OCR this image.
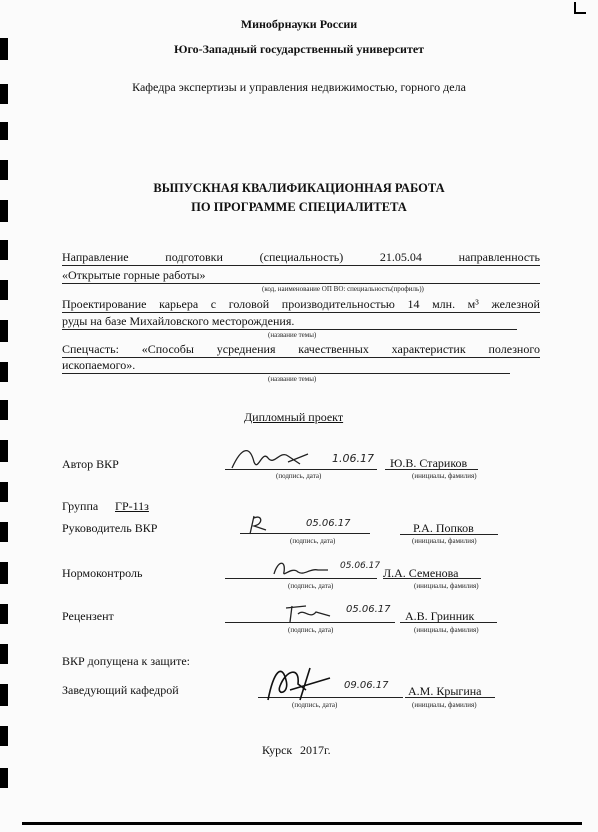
Минобрнауки России
Юго-Западный государственный университет
Кафедра экспертизы и управления недвижимостью, горного дела
ВЫПУСКНАЯ КВАЛИФИКАЦИОННАЯ РАБОТА
ПО ПРОГРАММЕ СПЕЦИАЛИТЕТА
Направление	подготовки	(специальность)	21.05.04	направленность
«Открытые горные работы»
(код, наименование ОП ВО: специальность(профиль))
Проектирование карьера с головой производительностью 14 млн. м³ железной
руды на базе Михайловского месторождения.
(название темы)
Спецчасть: «Способы усреднения качественных характеристик полезного
ископаемого».
(название темы)
Дипломный проект
Автор ВКР	1.06.17 Ю.В. Стариков
(подпись, дата)	(инициалы, фамилия)
Группа ГР-11з
Руководитель ВКР	05.06.17	Р.А. Попков
(подпись, дата)	(инициалы, фамилия)
Нормоконтроль	05.06.17 Л.А. Семенова
(подпись, дата)	(инициалы, фамилия)
Рецензент	05.06.17 А.В. Гринник
(подпись, дата)	(инициалы, фамилия)
ВКР допущена к защите:
Заведующий кафедрой	09.06.17 А.М. Крыгина
(подпись, дата)	(инициалы, фамилия)
Курск 2017г.
